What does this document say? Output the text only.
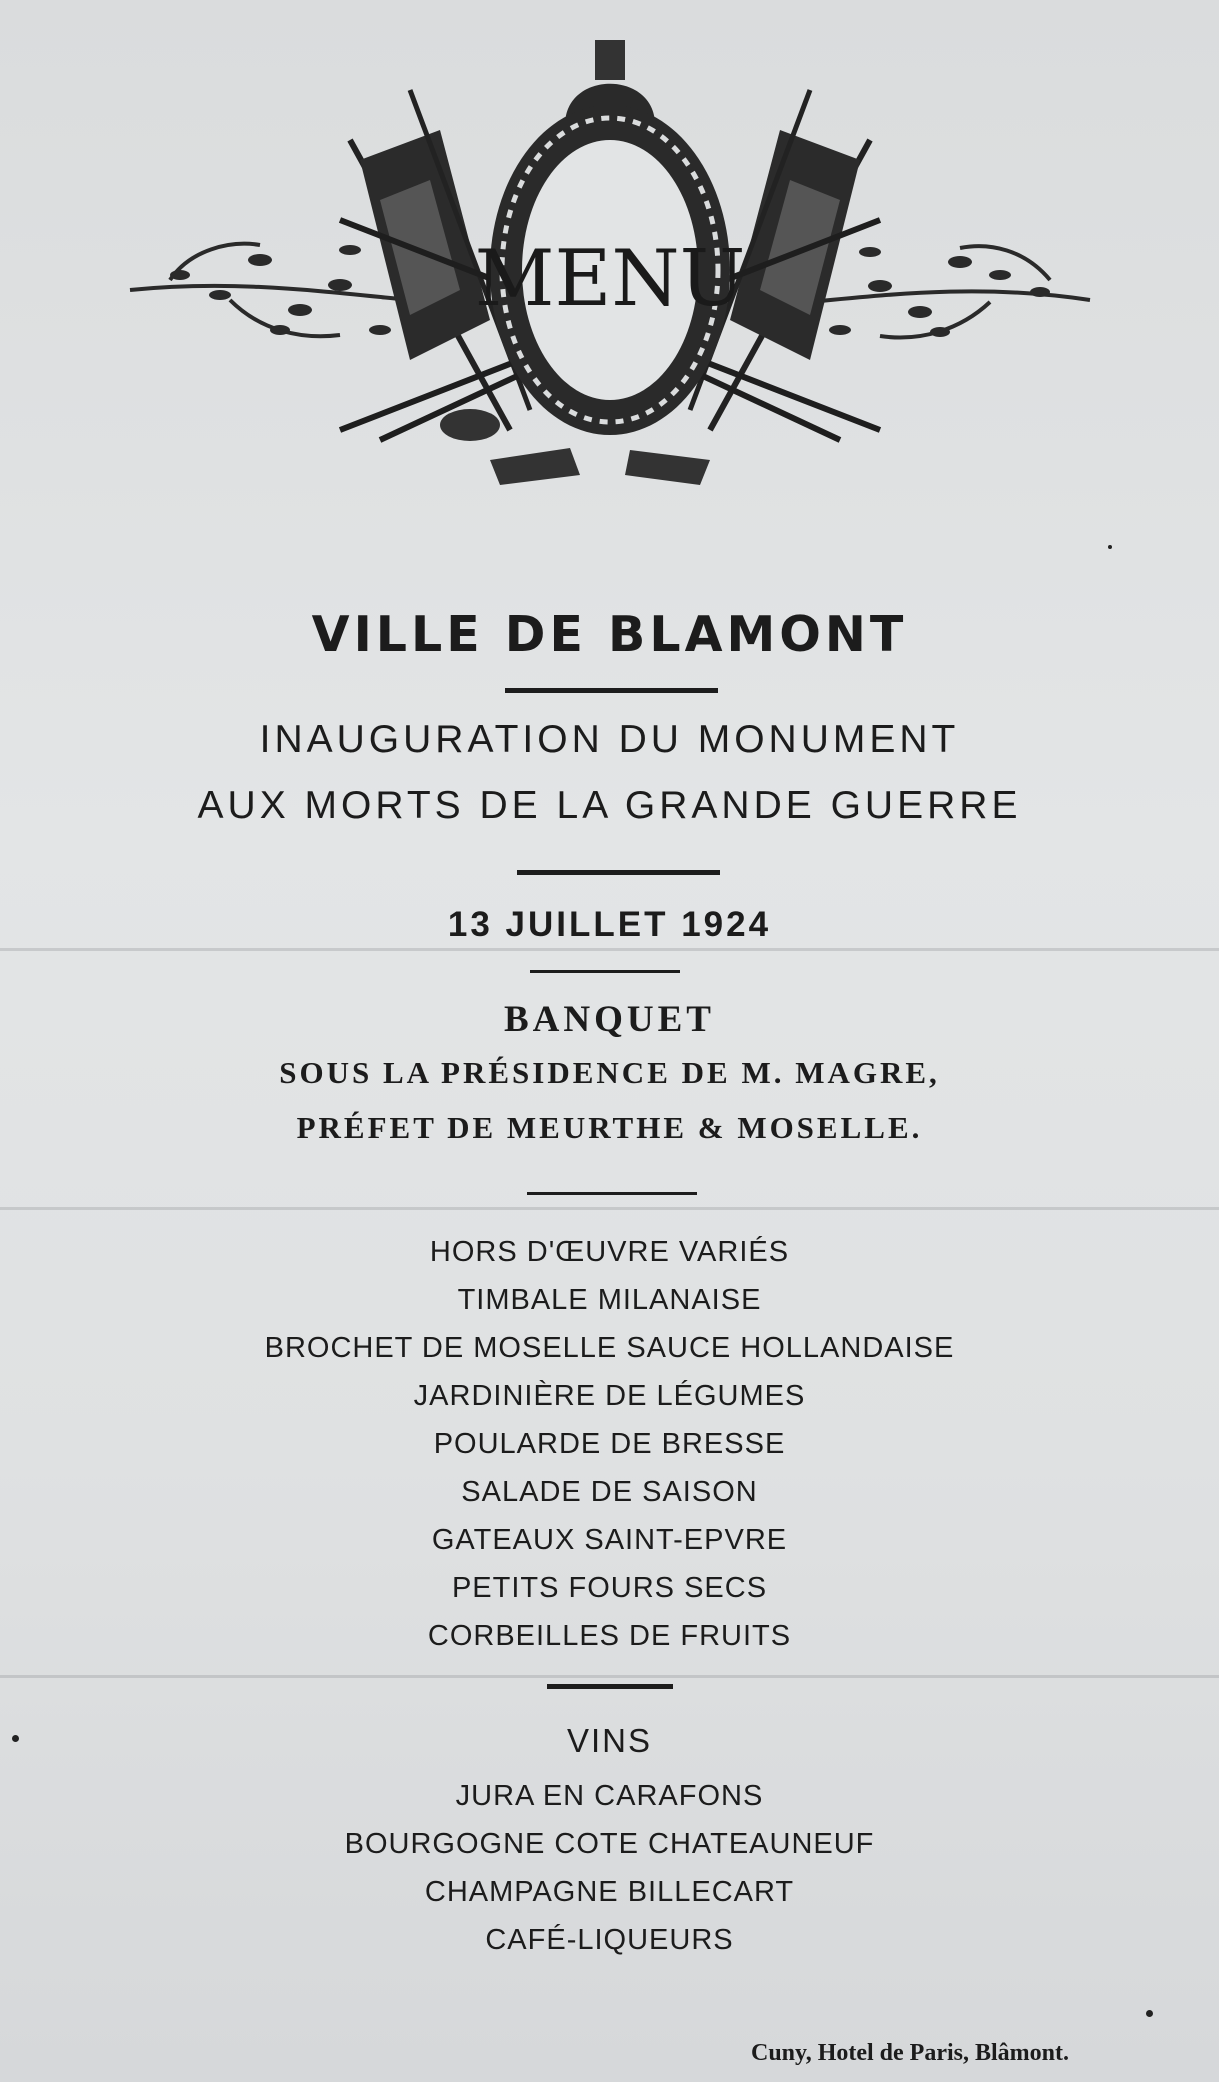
MENU
VILLE DE BLAMONT
INAUGURATION DU MONUMENT
AUX MORTS DE LA GRANDE GUERRE
13 JUILLET 1924
BANQUET
SOUS LA PRÉSIDENCE DE M. MAGRE,
PRÉFET DE MEURTHE & MOSELLE.
HORS D'ŒUVRE VARIÉS
TIMBALE MILANAISE
BROCHET DE MOSELLE SAUCE HOLLANDAISE
JARDINIÈRE DE LÉGUMES
POULARDE DE BRESSE
SALADE DE SAISON
GATEAUX SAINT-EPVRE
PETITS FOURS SECS
CORBEILLES DE FRUITS
VINS
JURA EN CARAFONS
BOURGOGNE COTE CHATEAUNEUF
CHAMPAGNE BILLECART
CAFÉ-LIQUEURS
Cuny, Hotel de Paris, Blâmont.
